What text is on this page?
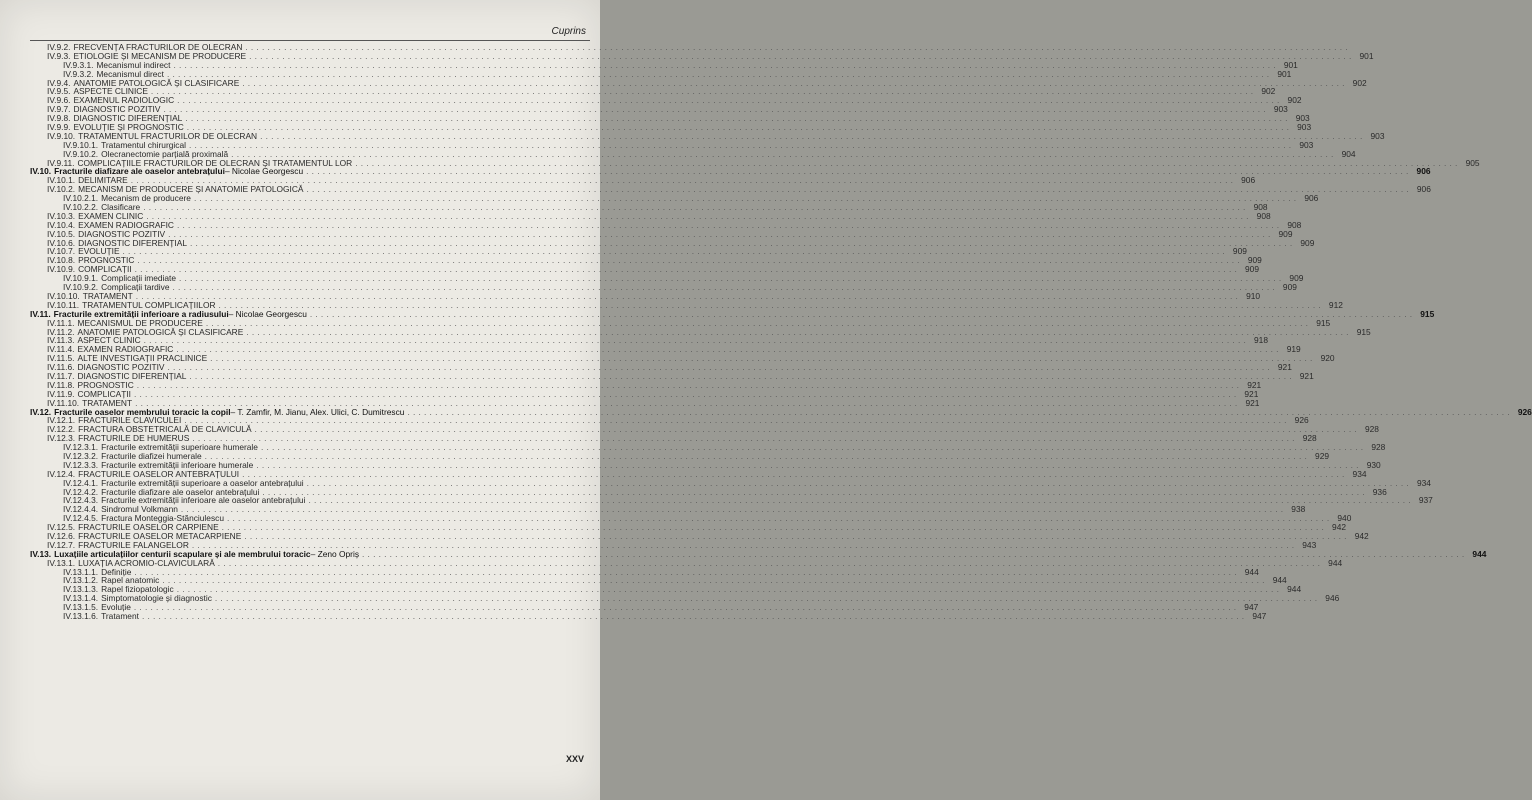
Cuprins
IV.9.2. FRECVENȚA FRACTURILOR DE OLECRAN ........................................................................................................................................................................................................
IV.9.3. ETIOLOGIE ȘI MECANISM DE PRODUCERE ........................................................................................................................................................................................................ 901
IV.9.3.1. Mecanismul indirect ........................................................................................................................................................................................................ 901
IV.9.3.2. Mecanismul direct ........................................................................................................................................................................................................ 901
IV.9.4. ANATOMIE PATOLOGICĂ ȘI CLASIFICARE ........................................................................................................................................................................................................ 902
IV.9.5. ASPECTE CLINICE ........................................................................................................................................................................................................ 902
IV.9.6. EXAMENUL RADIOLOGIC ........................................................................................................................................................................................................ 902
IV.9.7. DIAGNOSTIC POZITIV ........................................................................................................................................................................................................ 903
IV.9.8. DIAGNOSTIC DIFERENȚIAL ........................................................................................................................................................................................................ 903
IV.9.9. EVOLUȚIE ȘI PROGNOSTIC ........................................................................................................................................................................................................ 903
IV.9.10. TRATAMENTUL FRACTURILOR DE OLECRAN ........................................................................................................................................................................................................ 903
IV.9.10.1. Tratamentul chirurgical ........................................................................................................................................................................................................ 903
IV.9.10.2. Olecranectomie parțială proximală ........................................................................................................................................................................................................ 904
IV.9.11. COMPLICAȚIILE FRACTURILOR DE OLECRAN ȘI TRATAMENTUL LOR ........................................................................................................................................................................................................ 905
IV.10. Fracturile diafizare ale oaselor antebrațului – Nicolae Georgescu ........................................................................................................................................................................................................ 906
IV.10.1. DELIMITARE ........................................................................................................................................................................................................ 906
IV.10.2. MECANISM DE PRODUCERE ȘI ANATOMIE PATOLOGICĂ ........................................................................................................................................................................................................ 906
IV.10.2.1. Mecanism de producere ........................................................................................................................................................................................................ 906
IV.10.2.2. Clasificare ........................................................................................................................................................................................................ 908
IV.10.3. EXAMEN CLINIC ........................................................................................................................................................................................................ 908
IV.10.4. EXAMEN RADIOGRAFIC ........................................................................................................................................................................................................ 908
IV.10.5. DIAGNOSTIC POZITIV ........................................................................................................................................................................................................ 909
IV.10.6. DIAGNOSTIC DIFERENȚIAL ........................................................................................................................................................................................................ 909
IV.10.7. EVOLUȚIE ........................................................................................................................................................................................................ 909
IV.10.8. PROGNOSTIC ........................................................................................................................................................................................................ 909
IV.10.9. COMPLICAȚII ........................................................................................................................................................................................................ 909
IV.10.9.1. Complicații imediate ........................................................................................................................................................................................................ 909
IV.10.9.2. Complicații tardive ........................................................................................................................................................................................................ 909
IV.10.10. TRATAMENT ........................................................................................................................................................................................................ 910
IV.10.11. TRATAMENTUL COMPLICAȚIILOR ........................................................................................................................................................................................................ 912
IV.11. Fracturile extremității inferioare a radiusului – Nicolae Georgescu ........................................................................................................................................................................................................ 915
IV.11.1. MECANISMUL DE PRODUCERE ........................................................................................................................................................................................................ 915
IV.11.2. ANATOMIE PATOLOGICĂ ȘI CLASIFICARE ........................................................................................................................................................................................................ 915
IV.11.3. ASPECT CLINIC ........................................................................................................................................................................................................ 918
IV.11.4. EXAMEN RADIOGRAFIC ........................................................................................................................................................................................................ 919
IV.11.5. ALTE INVESTIGAȚII PRACLINICE ........................................................................................................................................................................................................ 920
IV.11.6. DIAGNOSTIC POZITIV ........................................................................................................................................................................................................ 921
IV.11.7. DIAGNOSTIC DIFERENȚIAL ........................................................................................................................................................................................................ 921
IV.11.8. PROGNOSTIC ........................................................................................................................................................................................................ 921
IV.11.9. COMPLICAȚII ........................................................................................................................................................................................................ 921
IV.11.10. TRATAMENT ........................................................................................................................................................................................................ 921
IV.12. Fracturile oaselor membrului toracic la copil – T. Zamfir, M. Jianu, Alex. Ulici, C. Dumitrescu ........................................................................................................................................................................................................ 926
IV.12.1. FRACTURILE CLAVICULEI ........................................................................................................................................................................................................ 926
IV.12.2. FRACTURA OBSTETRICALĂ DE CLAVICULĂ ........................................................................................................................................................................................................ 928
IV.12.3. FRACTURILE DE HUMERUS ........................................................................................................................................................................................................ 928
IV.12.3.1. Fracturile extremității superioare humerale ........................................................................................................................................................................................................ 928
IV.12.3.2. Fracturile diafizei humerale ........................................................................................................................................................................................................ 929
IV.12.3.3. Fracturile extremității inferioare humerale ........................................................................................................................................................................................................ 930
IV.12.4. FRACTURILE OASELOR ANTEBRAȚULUI ........................................................................................................................................................................................................ 934
IV.12.4.1. Fracturile extremității superioare a oaselor antebrațului ........................................................................................................................................................................................................ 934
IV.12.4.2. Fracturile diafizare ale oaselor antebrațului ........................................................................................................................................................................................................ 936
IV.12.4.3. Fracturile extremității inferioare ale oaselor antebrațului ........................................................................................................................................................................................................ 937
IV.12.4.4. Sindromul Volkmann ........................................................................................................................................................................................................ 938
IV.12.4.5. Fractura Monteggia-Stănciulescu ........................................................................................................................................................................................................ 940
IV.12.5. FRACTURILE OASELOR CARPIENE ........................................................................................................................................................................................................ 942
IV.12.6. FRACTURILE OASELOR METACARPIENE ........................................................................................................................................................................................................ 942
IV.12.7. FRACTURILE FALANGELOR ........................................................................................................................................................................................................ 943
IV.13. Luxațiile articulațiilor centurii scapulare și ale membrului toracic – Zeno Opriș ........................................................................................................................................................................................................ 944
IV.13.1. LUXAȚIA ACROMIO-CLAVICULARĂ ........................................................................................................................................................................................................ 944
IV.13.1.1. Definiție ........................................................................................................................................................................................................ 944
IV.13.1.2. Rapel anatomic ........................................................................................................................................................................................................ 944
IV.13.1.3. Rapel fiziopatologic ........................................................................................................................................................................................................ 944
IV.13.1.4. Simptomatologie și diagnostic ........................................................................................................................................................................................................ 946
IV.13.1.5. Evoluție ........................................................................................................................................................................................................ 947
IV.13.1.6. Tratament ........................................................................................................................................................................................................ 947
XXV
